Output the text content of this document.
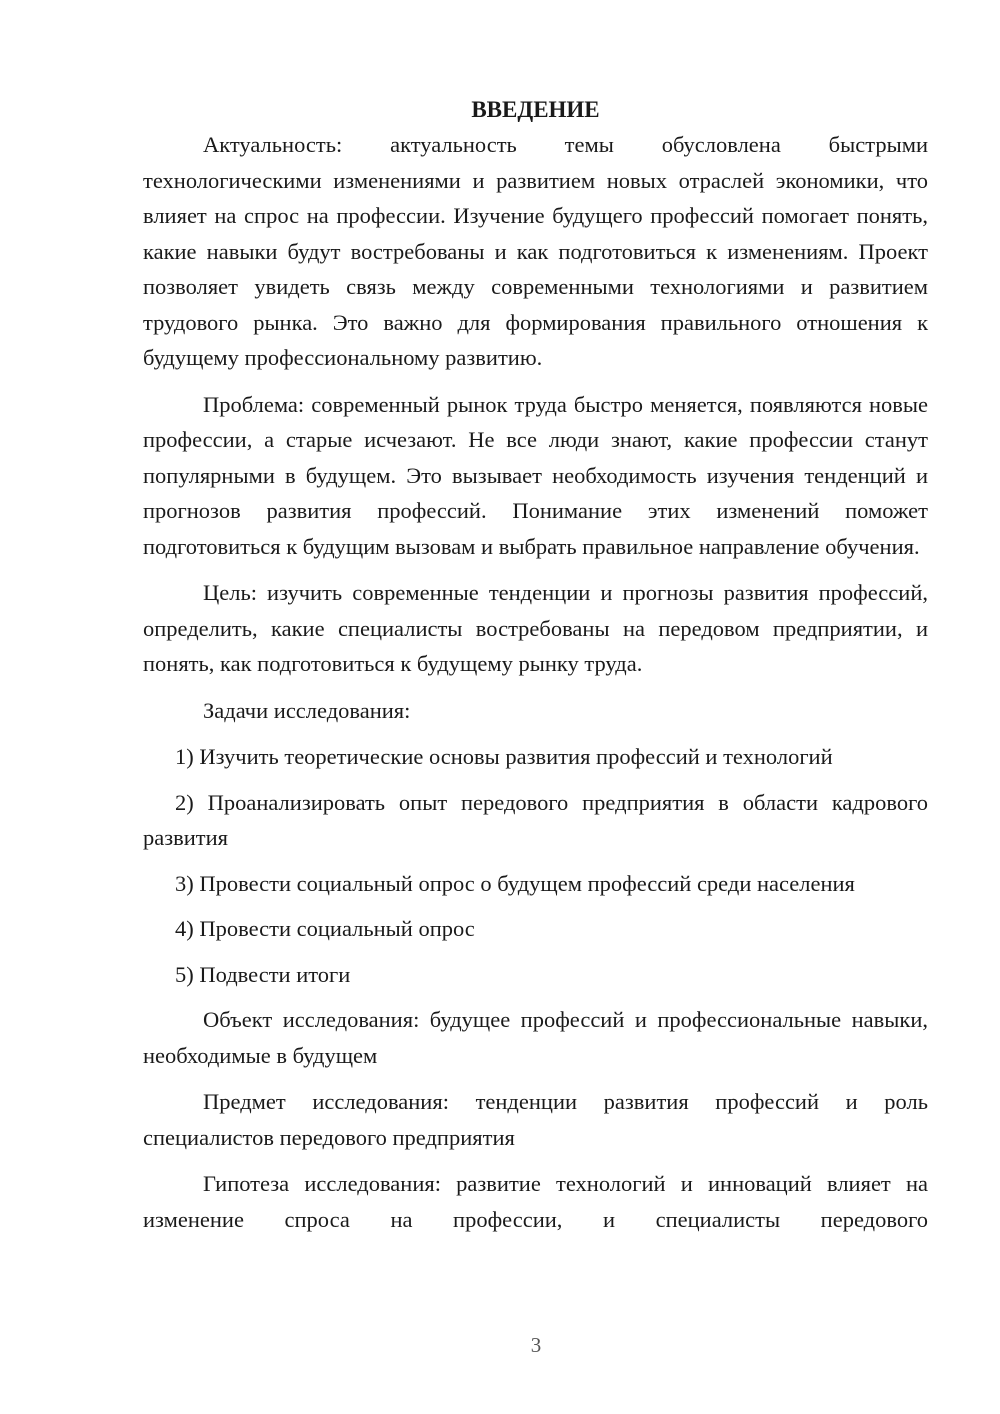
ВВЕДЕНИЕ

Актуальность: актуальность темы обусловлена быстрыми технологическими изменениями и развитием новых отраслей экономики, что влияет на спрос на профессии. Изучение будущего профессий помогает понять, какие навыки будут востребованы и как подготовиться к изменениям. Проект позволяет увидеть связь между современными технологиями и развитием трудового рынка. Это важно для формирования правильного отношения к будущему профессиональному развитию.

Проблема: современный рынок труда быстро меняется, появляются новые профессии, а старые исчезают. Не все люди знают, какие профессии станут популярными в будущем. Это вызывает необходимость изучения тенденций и прогнозов развития профессий. Понимание этих изменений поможет подготовиться к будущим вызовам и выбрать правильное направление обучения.

Цель: изучить современные тенденции и прогнозы развития профессий, определить, какие специалисты востребованы на передовом предприятии, и понять, как подготовиться к будущему рынку труда.

Задачи исследования:

1) Изучить теоретические основы развития профессий и технологий

2) Проанализировать опыт передового предприятия в области кадрового развития

3) Провести социальный опрос о будущем профессий среди населения

4) Провести социальный опрос

5) Подвести итоги

Объект исследования: будущее профессий и профессиональные навыки, необходимые в будущем

Предмет исследования: тенденции развития профессий и роль специалистов передового предприятия

Гипотеза исследования: развитие технологий и инноваций влияет на изменение спроса на профессии, и специалисты передового

3
